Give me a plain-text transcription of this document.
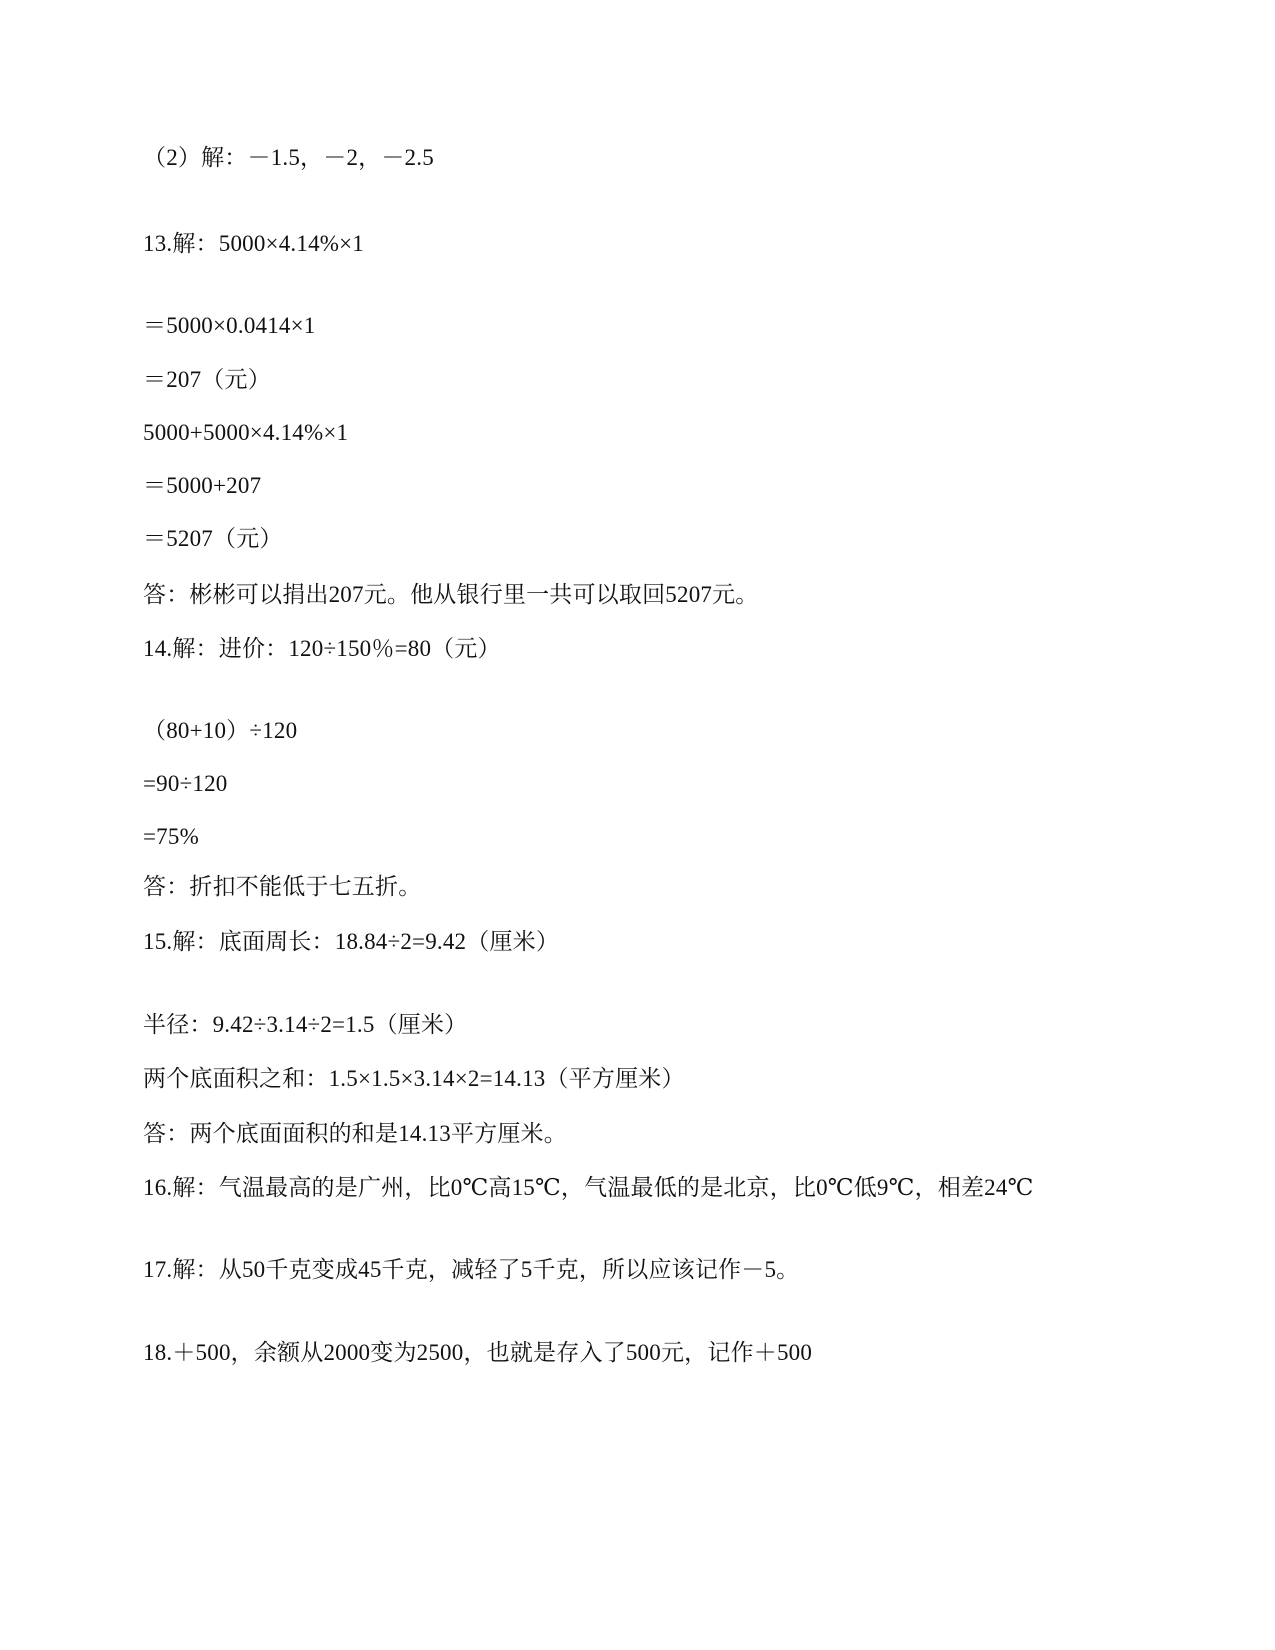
（2）解：－1.5，－2，－2.5
13.解：5000×4.14%×1
＝5000×0.0414×1
＝207（元）
5000+5000×4.14%×1
＝5000+207
＝5207（元）
答：彬彬可以捐出207元。他从银行里一共可以取回5207元。
14.解：进价：120÷150％=80（元）
（80+10）÷120
=90÷120
=75%
答：折扣不能低于七五折。
15.解：底面周长：18.84÷2=9.42（厘米）
半径：9.42÷3.14÷2=1.5（厘米）
两个底面积之和：1.5×1.5×3.14×2=14.13（平方厘米）
答：两个底面面积的和是14.13平方厘米。
16.解：气温最高的是广州，比0℃高15℃，气温最低的是北京，比0℃低9℃，相差24℃
17.解：从50千克变成45千克，减轻了5千克，所以应该记作－5。
18.＋500，余额从2000变为2500，也就是存入了500元，记作＋500
